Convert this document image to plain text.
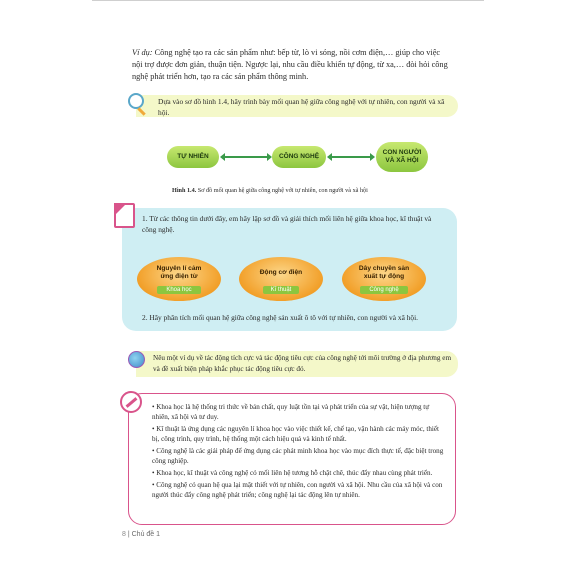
Ví dụ: Công nghệ tạo ra các sản phẩm như: bếp từ, lò vi sóng, nồi cơm điện,… giúp cho việc nội trợ được đơn giản, thuận tiện. Ngược lại, nhu cầu điều khiển tự động, từ xa,… đòi hỏi công nghệ phát triển hơn, tạo ra các sản phẩm thông minh.
Dựa vào sơ đồ hình 1.4, hãy trình bày mối quan hệ giữa công nghệ với tự nhiên, con người và xã hội.
TỰ NHIÊN	CÔNG NGHỆ
CON NGƯỜI
VÀ XÃ HỘI
Hình 1.4. Sơ đồ mối quan hệ giữa công nghệ với tự nhiên, con người và xã hội
1. Từ các thông tin dưới đây, em hãy lập sơ đồ và giải thích mối liên hệ giữa khoa học, kĩ thuật và công nghệ.
Nguyên lí cảm
ứng điện từ
Khoa học
Động cơ điện
Kĩ thuật
Dây chuyền sản
xuất tự động
Công nghệ
2. Hãy phân tích mối quan hệ giữa công nghệ sản xuất ô tô với tự nhiên, con người và xã hội.
Nêu một ví dụ về tác động tích cực và tác động tiêu cực của công nghệ tới môi trường ở địa phương em và đề xuất biện pháp khắc phục tác động tiêu cực đó.

• Khoa học là hệ thống tri thức về bản chất, quy luật tồn tại và phát triển của sự vật, hiện tượng tự nhiên, xã hội và tư duy.

• Kĩ thuật là ứng dụng các nguyên lí khoa học vào việc thiết kế, chế tạo, vận hành các máy móc, thiết bị, công trình, quy trình, hệ thống một cách hiệu quả và kinh tế nhất.

• Công nghệ là các giải pháp để ứng dụng các phát minh khoa học vào mục đích thực tế, đặc biệt trong công nghiệp.

• Khoa học, kĩ thuật và công nghệ có mối liên hệ tương hỗ chặt chẽ, thúc đẩy nhau cùng phát triển.

• Công nghệ có quan hệ qua lại mật thiết với tự nhiên, con người và xã hội. Nhu cầu của xã hội và con người thúc đẩy công nghệ phát triển; công nghệ lại tác động lên tự nhiên.

8 | Chủ đề 1
